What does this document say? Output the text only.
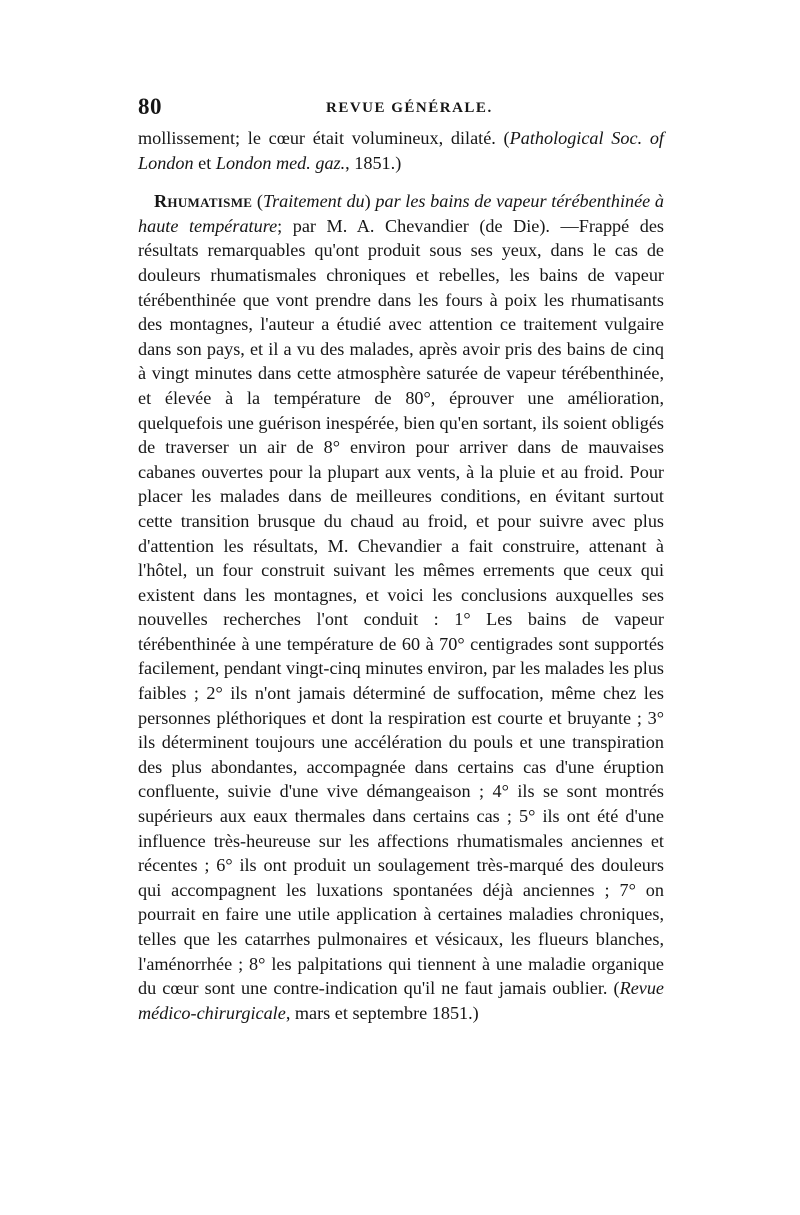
80	REVUE GÉNÉRALE.

mollissement; le cœur était volumineux, dilaté. (Pathological Soc. of London et London med. gaz., 1851.)

Rhumatisme (Traitement du) par les bains de vapeur térébenthinée à haute température; par M. A. Chevandier (de Die). —Frappé des résultats remarquables qu'ont produit sous ses yeux, dans le cas de douleurs rhumatismales chroniques et rebelles, les bains de vapeur térébenthinée que vont prendre dans les fours à poix les rhumatisants des montagnes, l'auteur a étudié avec attention ce traitement vulgaire dans son pays, et il a vu des malades, après avoir pris des bains de cinq à vingt minutes dans cette atmosphère saturée de vapeur térébenthinée, et élevée à la température de 80°, éprouver une amélioration, quelquefois une guérison inespérée, bien qu'en sortant, ils soient obligés de traverser un air de 8° environ pour arriver dans de mauvaises cabanes ouvertes pour la plupart aux vents, à la pluie et au froid. Pour placer les malades dans de meilleures conditions, en évitant surtout cette transition brusque du chaud au froid, et pour suivre avec plus d'attention les résultats, M. Chevandier a fait construire, attenant à l'hôtel, un four construit suivant les mêmes errements que ceux qui existent dans les montagnes, et voici les conclusions auxquelles ses nouvelles recherches l'ont conduit : 1° Les bains de vapeur térébenthinée à une température de 60 à 70° centigrades sont supportés facilement, pendant vingt-cinq minutes environ, par les malades les plus faibles ; 2° ils n'ont jamais déterminé de suffocation, même chez les personnes pléthoriques et dont la respiration est courte et bruyante ; 3° ils déterminent toujours une accélération du pouls et une transpiration des plus abondantes, accompagnée dans certains cas d'une éruption confluente, suivie d'une vive démangeaison ; 4° ils se sont montrés supérieurs aux eaux thermales dans certains cas ; 5° ils ont été d'une influence très-heureuse sur les affections rhumatismales anciennes et récentes ; 6° ils ont produit un soulagement très-marqué des douleurs qui accompagnent les luxations spontanées déjà anciennes ; 7° on pourrait en faire une utile application à certaines maladies chroniques, telles que les catarrhes pulmonaires et vésicaux, les flueurs blanches, l'aménorrhée ; 8° les palpitations qui tiennent à une maladie organique du cœur sont une contre-indication qu'il ne faut jamais oublier. (Revue médico-chirurgicale, mars et septembre 1851.)
